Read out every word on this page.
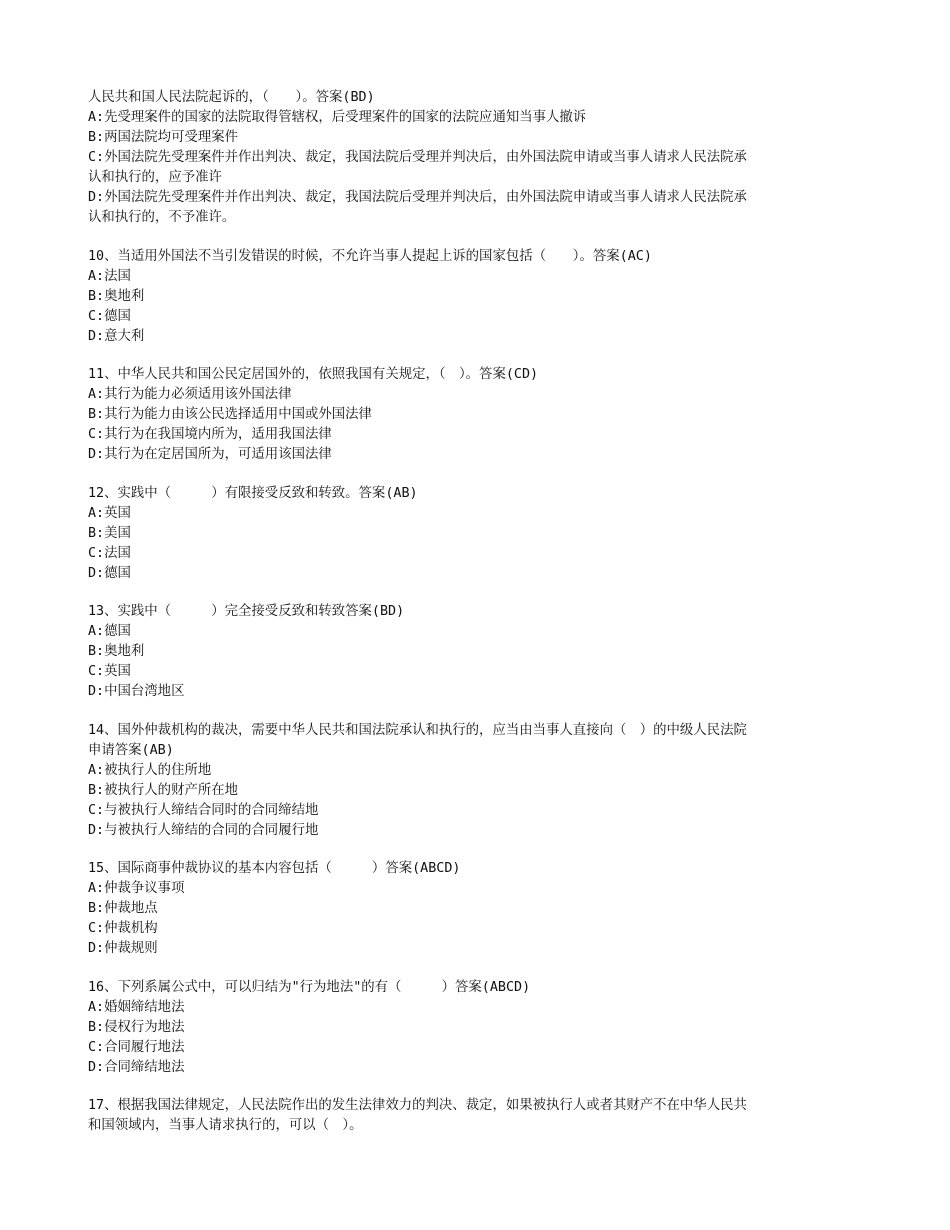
人民共和国人民法院起诉的，（　　）。答案(BD)
A:先受理案件的国家的法院取得管辖权，后受理案件的国家的法院应通知当事人撤诉
B:两国法院均可受理案件
C:外国法院先受理案件并作出判决、裁定，我国法院后受理并判决后，由外国法院申请或当事人请求人民法院承
认和执行的，应予准许
D:外国法院先受理案件并作出判决、裁定，我国法院后受理并判决后，由外国法院申请或当事人请求人民法院承
认和执行的，不予准许。
10、当适用外国法不当引发错误的时候，不允许当事人提起上诉的国家包括（　　）。答案(AC)
A:法国
B:奥地利
C:德国
D:意大利
11、中华人民共和国公民定居国外的，依照我国有关规定，（　）。答案(CD)
A:其行为能力必须适用该外国法律
B:其行为能力由该公民选择适用中国或外国法律
C:其行为在我国境内所为，适用我国法律
D:其行为在定居国所为，可适用该国法律
12、实践中（　　　）有限接受反致和转致。答案(AB)
A:英国
B:美国
C:法国
D:德国
13、实践中（　　　）完全接受反致和转致答案(BD)
A:德国
B:奥地利
C:英国
D:中国台湾地区
14、国外仲裁机构的裁决，需要中华人民共和国法院承认和执行的，应当由当事人直接向（　）的中级人民法院
申请答案(AB)
A:被执行人的住所地
B:被执行人的财产所在地
C:与被执行人缔结合同时的合同缔结地
D:与被执行人缔结的合同的合同履行地
15、国际商事仲裁协议的基本内容包括（　　　）答案(ABCD)
A:仲裁争议事项
B:仲裁地点
C:仲裁机构
D:仲裁规则
16、下列系属公式中，可以归结为"行为地法"的有（　　　）答案(ABCD)
A:婚姻缔结地法
B:侵权行为地法
C:合同履行地法
D:合同缔结地法
17、根据我国法律规定，人民法院作出的发生法律效力的判决、裁定，如果被执行人或者其财产不在中华人民共
和国领域内，当事人请求执行的，可以（　）。
